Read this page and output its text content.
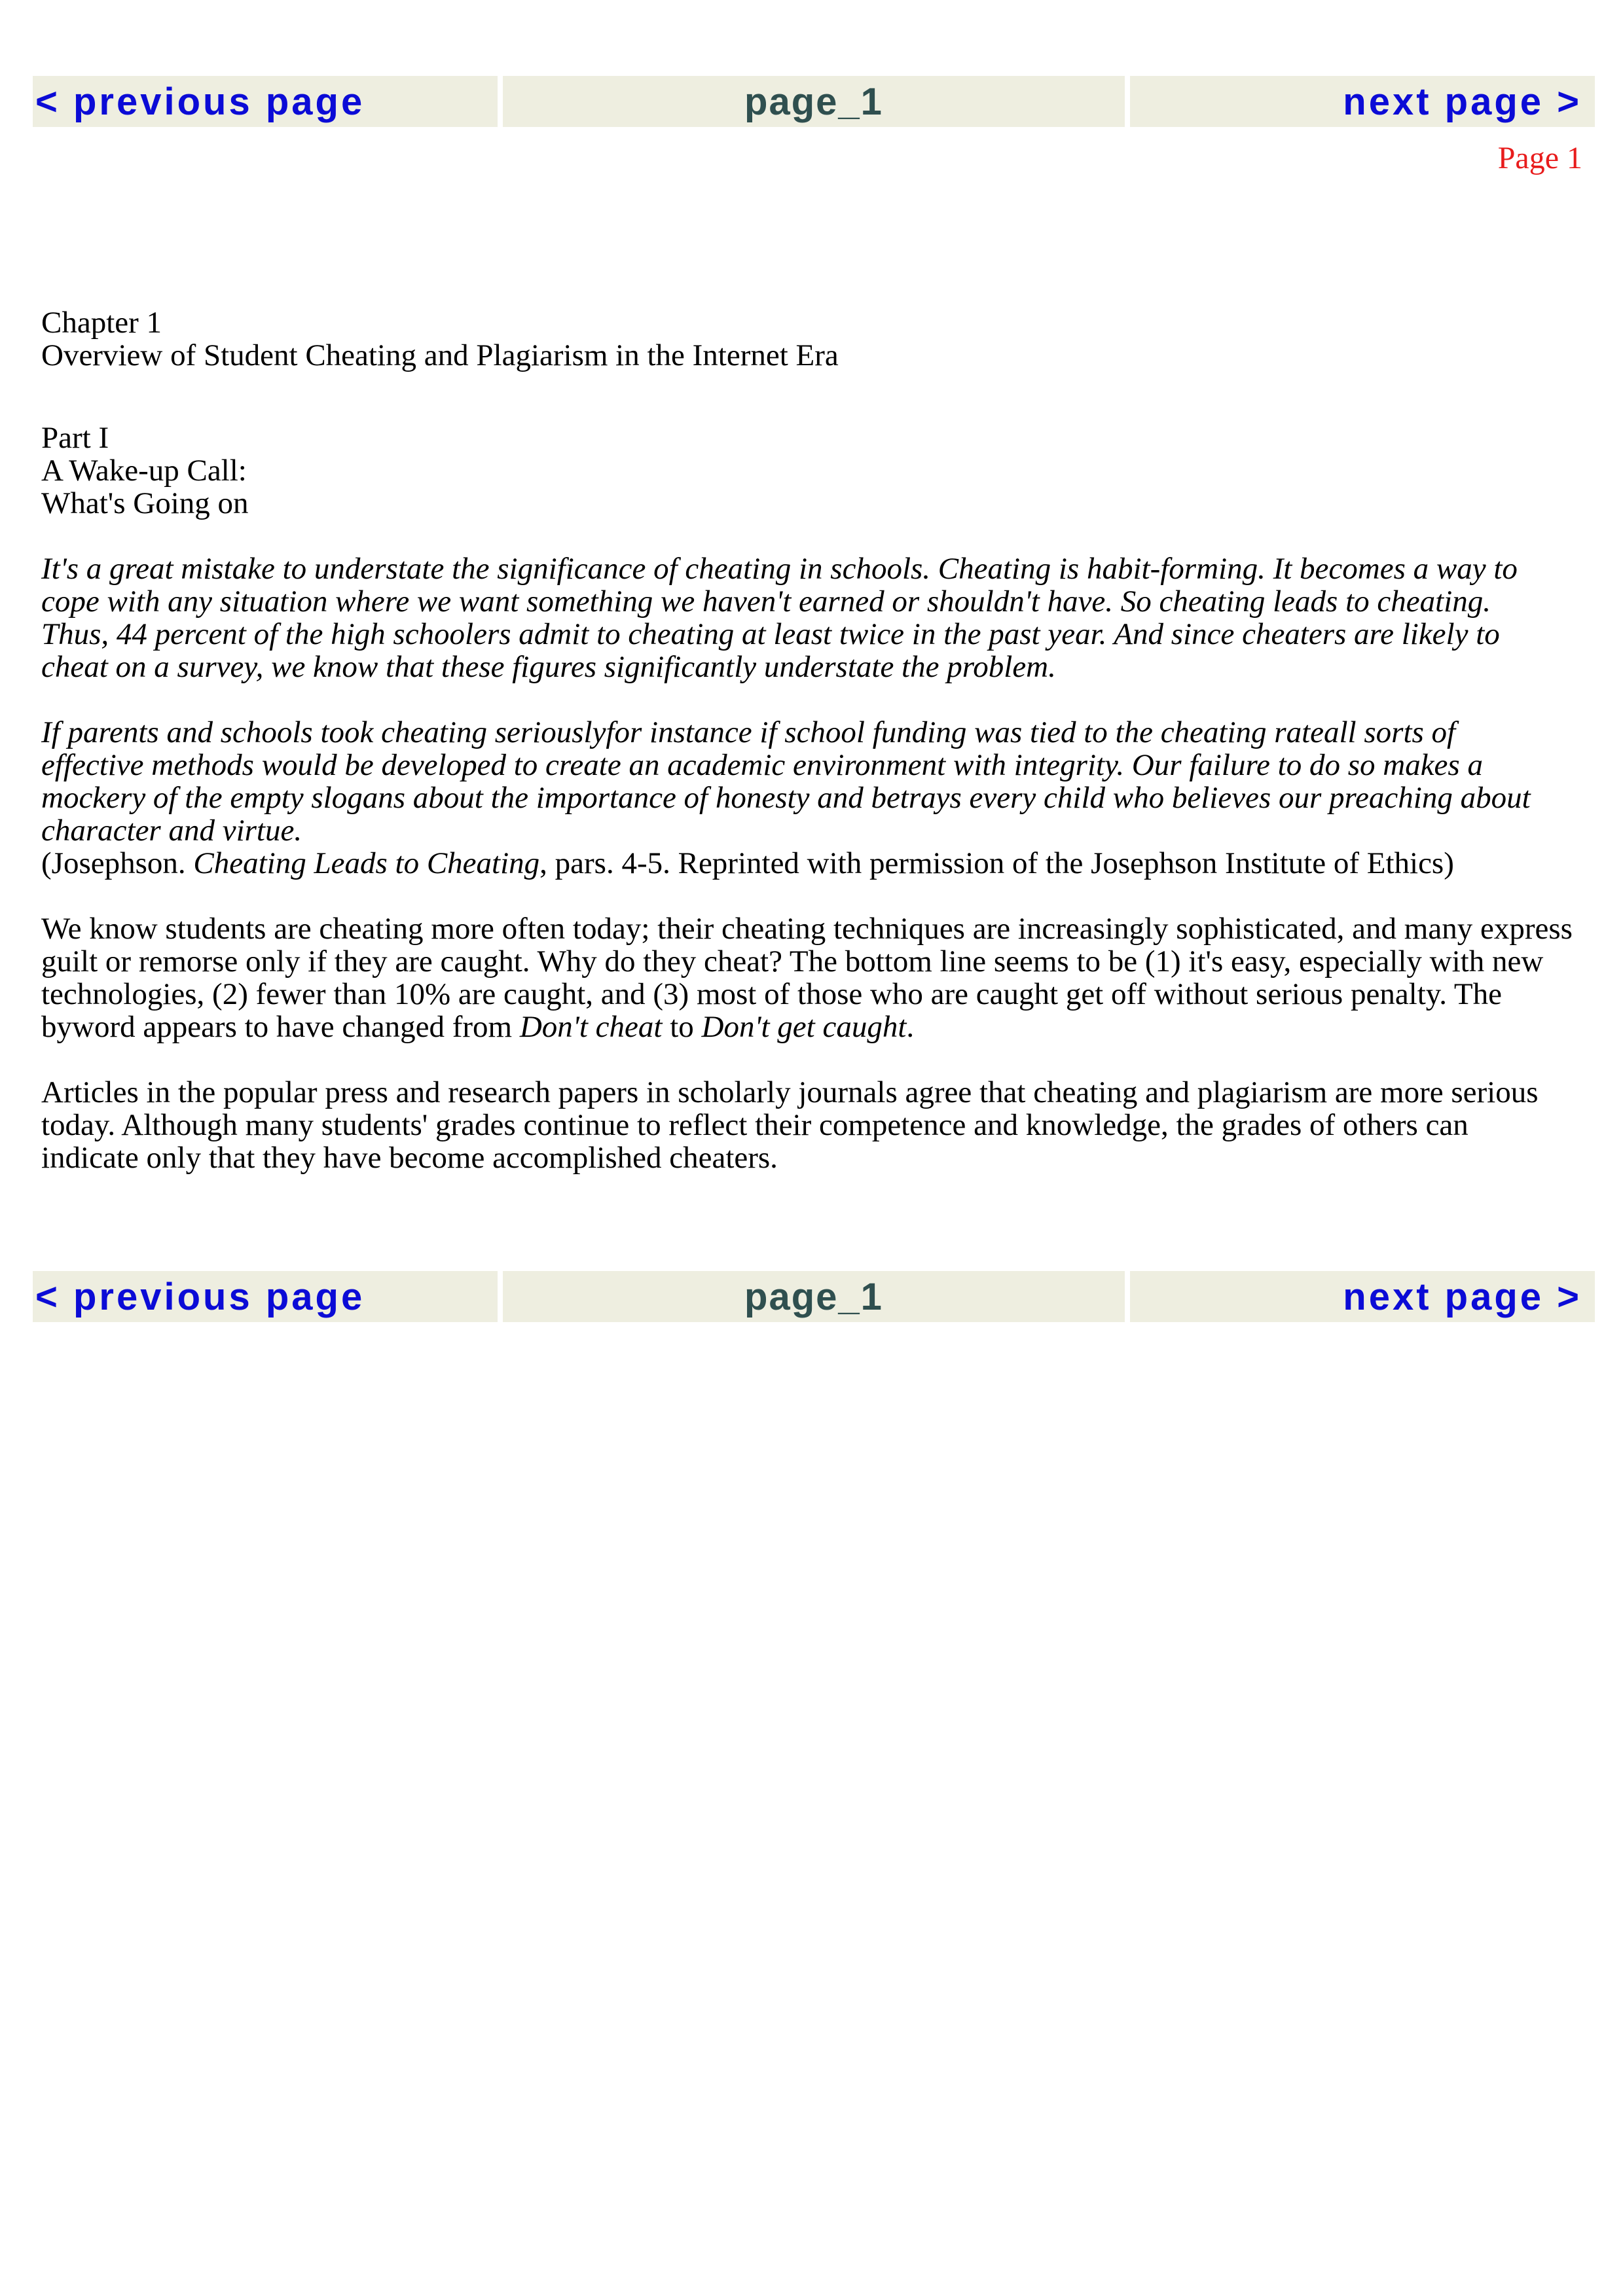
< previous page	page_1	next page >
Page 1

Chapter 1

Overview of Student Cheating and Plagiarism in the Internet Era

Part I

A Wake-up Call:

What's Going on

It's a great mistake to understate the significance of cheating in schools. Cheating is habit-forming. It becomes a way to cope with any situation where we want something we haven't earned or shouldn't have. So cheating leads to cheating. Thus, 44 percent of the high schoolers admit to cheating at least twice in the past year. And since cheaters are likely to cheat on a survey, we know that these figures significantly understate the problem.

If parents and schools took cheating seriouslyfor instance if school funding was tied to the cheating rateall sorts of effective methods would be developed to create an academic environment with integrity. Our failure to do so makes a mockery of the empty slogans about the importance of honesty and betrays every child who believes our preaching about character and virtue.

(Josephson. Cheating Leads to Cheating, pars. 4-5. Reprinted with permission of the Josephson Institute of Ethics)

We know students are cheating more often today; their cheating techniques are increasingly sophisticated, and many express guilt or remorse only if they are caught. Why do they cheat? The bottom line seems to be (1) it's easy, especially with new technologies, (2) fewer than 10% are caught, and (3) most of those who are caught get off without serious penalty. The byword appears to have changed from Don't cheat to Don't get caught.

Articles in the popular press and research papers in scholarly journals agree that cheating and plagiarism are more serious today. Although many students' grades continue to reflect their competence and knowledge, the grades of others can indicate only that they have become accomplished cheaters.

< previous page	page_1	next page >
